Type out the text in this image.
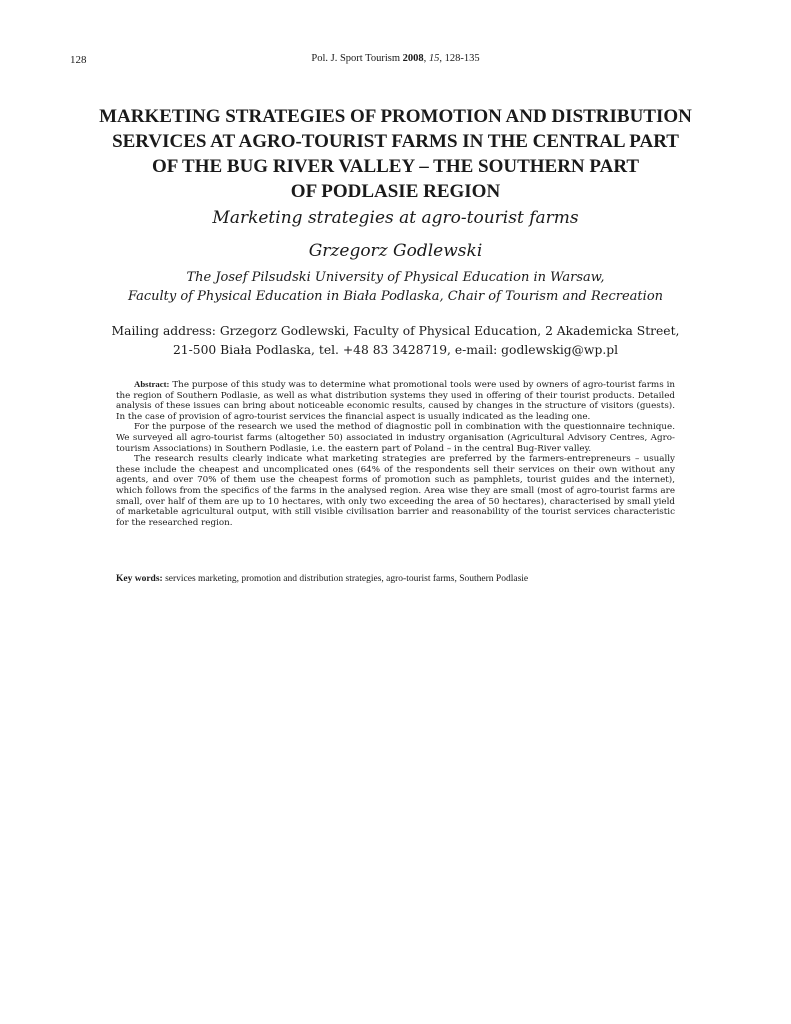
128	Pol. J. Sport Tourism 2008, 15, 128-135
MARKETING STRATEGIES OF PROMOTION AND DISTRIBUTION
SERVICES AT AGRO-TOURIST FARMS IN THE CENTRAL PART
OF THE BUG RIVER VALLEY – THE SOUTHERN PART
OF PODLASIE REGION
Marketing strategies at agro-tourist farms
Grzegorz Godlewski
The Josef Pilsudski University of Physical Education in Warsaw,
Faculty of Physical Education in Biała Podlaska, Chair of Tourism and Recreation
Mailing address: Grzegorz Godlewski, Faculty of Physical Education, 2 Akademicka Street,
21-500 Biała Podlaska, tel. +48 83 3428719, e-mail: godlewskig@wp.pl

Abstract: The purpose of this study was to determine what promotional tools were used by owners of agro-tourist farms in the region of Southern Podlasie, as well as what distribution systems they used in offering of their tourist products. Detailed analysis of these issues can bring about noticeable economic results, caused by changes in the structure of visitors (guests). In the case of provision of agro-tourist services the financial aspect is usually indicated as the leading one.

For the purpose of the research we used the method of diagnostic poll in combination with the questionnaire technique. We surveyed all agro-tourist farms (altogether 50) associated in industry organisation (Agricultural Advisory Centres, Agro-tourism Associations) in Southern Podlasie, i.e. the eastern part of Poland – in the central Bug-River valley.

The research results clearly indicate what marketing strategies are preferred by the farmers-entrepreneurs – usually these include the cheapest and uncomplicated ones (64% of the respondents sell their services on their own without any agents, and over 70% of them use the cheapest forms of promotion such as pamphlets, tourist guides and the internet), which follows from the specifics of the farms in the analysed region. Area wise they are small (most of agro-tourist farms are small, over half of them are up to 10 hectares, with only two exceeding the area of 50 hectares), characterised by small yield of marketable agricultural output, with still visible civilisation barrier and reasonability of the tourist services characteristic for the researched region.

Key words: services marketing, promotion and distribution strategies, agro-tourist farms, Southern Podlasie
